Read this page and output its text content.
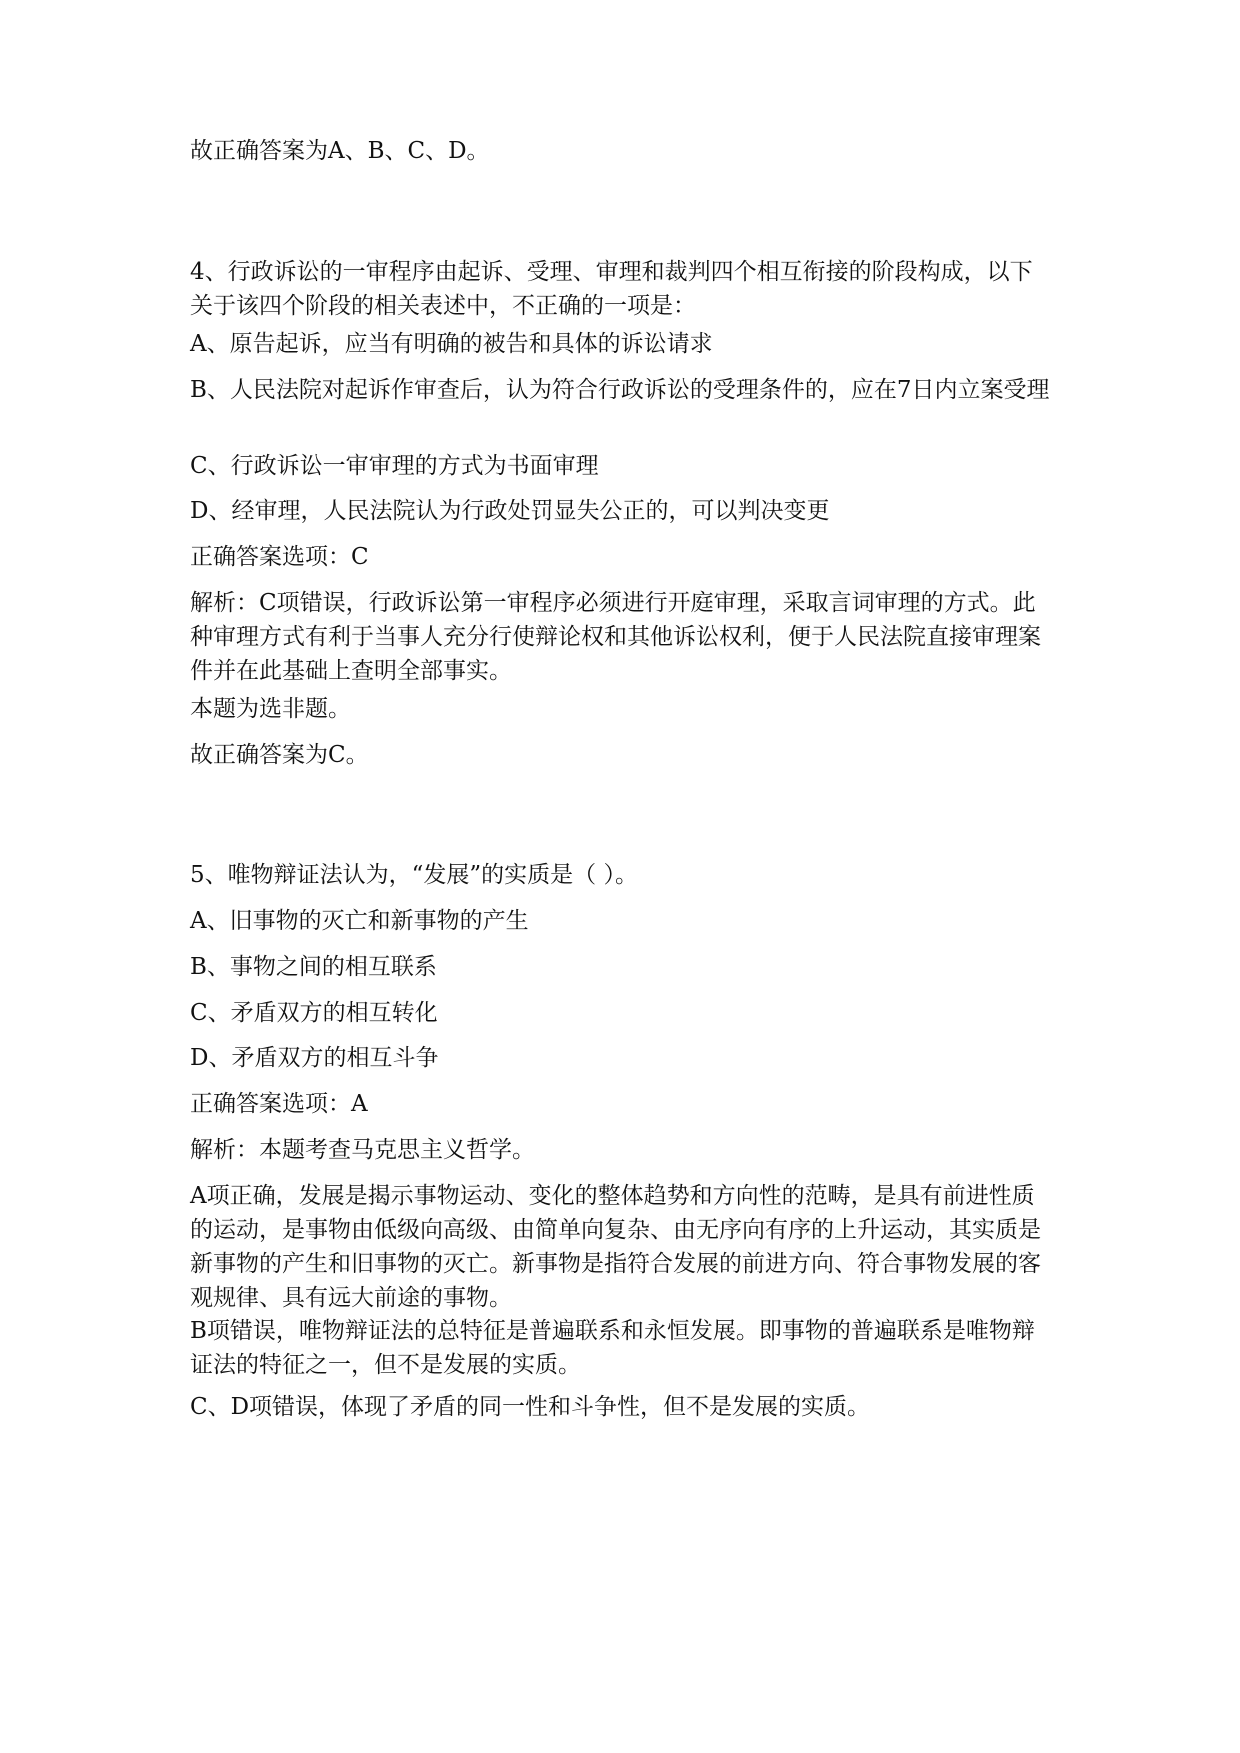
故正确答案为A、B、C、D。

4、行政诉讼的一审程序由起诉、受理、审理和裁判四个相互衔接的阶段构成，以下关于该四个阶段的相关表述中，不正确的一项是：

A、原告起诉，应当有明确的被告和具体的诉讼请求

B、人民法院对起诉作审查后，认为符合行政诉讼的受理条件的，应在7日内立案受理

C、行政诉讼一审审理的方式为书面审理

D、经审理，人民法院认为行政处罚显失公正的，可以判决变更

正确答案选项：C

解析：C项错误，行政诉讼第一审程序必须进行开庭审理，采取言词审理的方式。此种审理方式有利于当事人充分行使辩论权和其他诉讼权利，便于人民法院直接审理案件并在此基础上查明全部事实。

本题为选非题。

故正确答案为C。

5、唯物辩证法认为，“发展”的实质是（ ）。

A、旧事物的灭亡和新事物的产生

B、事物之间的相互联系

C、矛盾双方的相互转化

D、矛盾双方的相互斗争

正确答案选项：A

解析：本题考查马克思主义哲学。

A项正确，发展是揭示事物运动、变化的整体趋势和方向性的范畴，是具有前进性质的运动，是事物由低级向高级、由简单向复杂、由无序向有序的上升运动，其实质是新事物的产生和旧事物的灭亡。新事物是指符合发展的前进方向、符合事物发展的客观规律、具有远大前途的事物。

B项错误，唯物辩证法的总特征是普遍联系和永恒发展。即事物的普遍联系是唯物辩证法的特征之一，但不是发展的实质。

C、D项错误，体现了矛盾的同一性和斗争性，但不是发展的实质。
